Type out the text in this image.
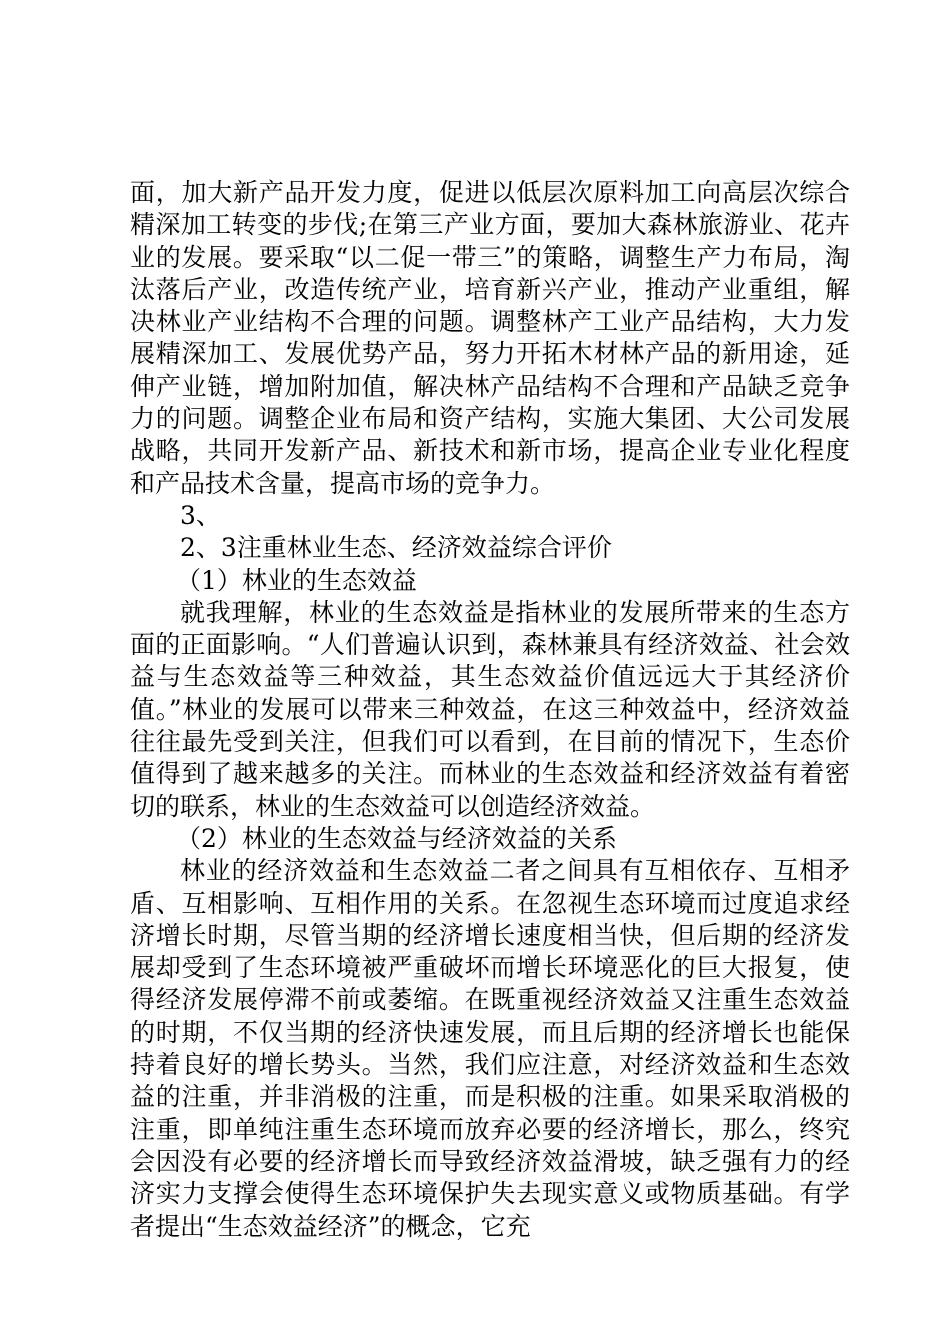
面，加大新产品开发力度，促进以低层次原料加工向高层次综合精深加工转变的步伐;在第三产业方面，要加大森林旅游业、花卉业的发展。要采取“以二促一带三”的策略，调整生产力布局，淘汰落后产业，改造传统产业，培育新兴产业，推动产业重组，解决林业产业结构不合理的问题。调整林产工业产品结构，大力发展精深加工、发展优势产品，努力开拓木材林产品的新用途，延伸产业链，增加附加值，解决林产品结构不合理和产品缺乏竞争力的问题。调整企业布局和资产结构，实施大集团、大公司发展战略，共同开发新产品、新技术和新市场，提高企业专业化程度和产品技术含量，提高市场的竞争力。

3、

2、3注重林业生态、经济效益综合评价

（1）林业的生态效益

就我理解，林业的生态效益是指林业的发展所带来的生态方面的正面影响。“人们普遍认识到，森林兼具有经济效益、社会效益与生态效益等三种效益，其生态效益价值远远大于其经济价值。”林业的发展可以带来三种效益，在这三种效益中，经济效益往往最先受到关注，但我们可以看到，在目前的情况下，生态价值得到了越来越多的关注。而林业的生态效益和经济效益有着密切的联系，林业的生态效益可以创造经济效益。

（2）林业的生态效益与经济效益的关系

林业的经济效益和生态效益二者之间具有互相依存、互相矛盾、互相影响、互相作用的关系。在忽视生态环境而过度追求经济增长时期，尽管当期的经济增长速度相当快，但后期的经济发展却受到了生态环境被严重破坏而增长环境恶化的巨大报复，使得经济发展停滞不前或萎缩。在既重视经济效益又注重生态效益的时期，不仅当期的经济快速发展，而且后期的经济增长也能保持着良好的增长势头。当然，我们应注意，对经济效益和生态效益的注重，并非消极的注重，而是积极的注重。如果采取消极的注重，即单纯注重生态环境而放弃必要的经济增长，那么，终究会因没有必要的经济增长而导致经济效益滑坡，缺乏强有力的经济实力支撑会使得生态环境保护失去现实意义或物质基础。有学者提出“生态效益经济”的概念，它充
